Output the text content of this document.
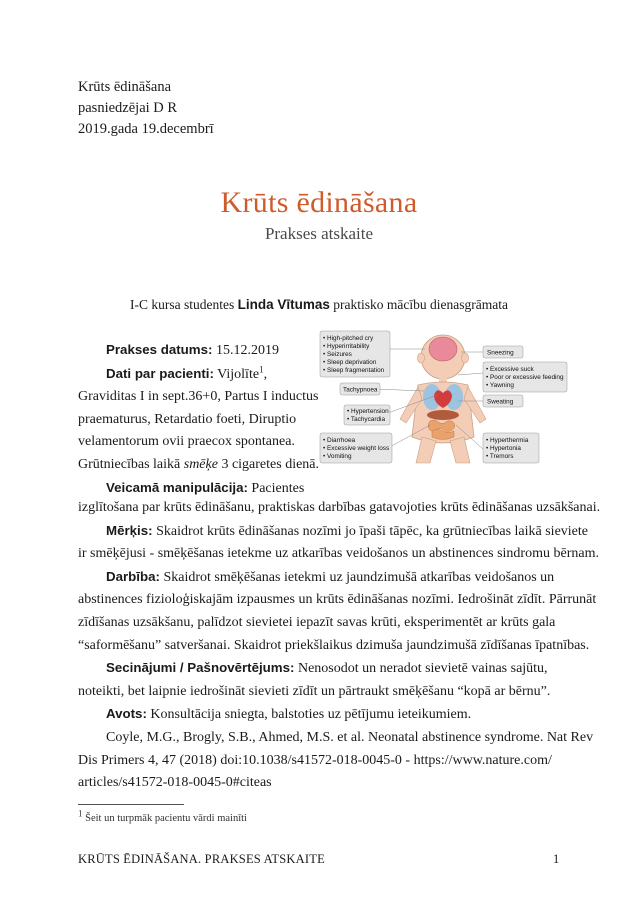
Krūts ēdināšana
pasniedzējai D R
2019.gada 19.decembrī
Krūts ēdināšana
Prakses atskaite
I-C kursa studentes Linda Vītumas praktisko mācību dienasgrāmata
Prakses datums: 15.12.2019
Dati par pacienti: Vijolīte$^1$,
Graviditas I in sept.36+0, Partus I inductus
praematurus, Retardatio foeti, Diruptio
velamentorum ovii praecox spontanea.
Grūtniecības laikā smēķe 3 cigaretes dienā.
Veicamā manipulācija: Pacientes
izglītošana par krūts ēdināšanu, praktiskas darbības gatavojoties krūts ēdināšanas uzsākšanai.
Mērķis: Skaidrot krūts ēdināšanas nozīmi jo īpaši tāpēc, ka grūtniecības laikā sieviete
ir smēķējusi - smēķēšanas ietekme uz atkarības veidošanos un abstinences sindromu bērnam.
Darbība: Skaidrot smēķēšanas ietekmi uz jaundzimušā atkarības veidošanos un
abstinences fizioloģiskajām izpausmes un krūts ēdināšanas nozīmi. Iedrošināt zīdīt. Pārrunāt
zīdīšanas uzsākšanu, palīdzot sievietei iepazīt savas krūti, eksperimentēt ar krūts gala
“saformēšanu” satveršanai. Skaidrot priekšlaikus dzimuša jaundzimušā zīdīšanas īpatnības.
Secinājumi / Pašnovērtējums: Nenosodot un neradot sievietē vainas sajūtu,
noteikti, bet laipnie iedrošināt sievieti zīdīt un pārtraukt smēķēšanu “kopā ar bērnu”.
Avots: Konsultācija sniegta, balstoties uz pētījumu ieteikumiem.
Coyle, M.G., Brogly, S.B., Ahmed, M.S. et al. Neonatal abstinence syndrome. Nat Rev
Dis Primers 4, 47 (2018) doi:10.1038/s41572-018-0045-0 - https://www.nature.com/
articles/s41572-018-0045-0#citeas
• High-pitched cry
• Hyperirritability
• Seizures
• Sleep deprivation
• Sleep fragmentation
Sneezing
• Excessive suck
• Poor or excessive feeding
• Yawning
Tachypnoea
Sweating
• Hypertension
• Tachycardia
• Diarrhoea
• Excessive weight loss
• Vomiting
• Hyperthermia
• Hypertonia
• Tremors
1 Šeit un turpmāk pacientu vārdi mainīti
KRŪTS ĒDINĀŠANA. PRAKSES ATSKAITE	1
